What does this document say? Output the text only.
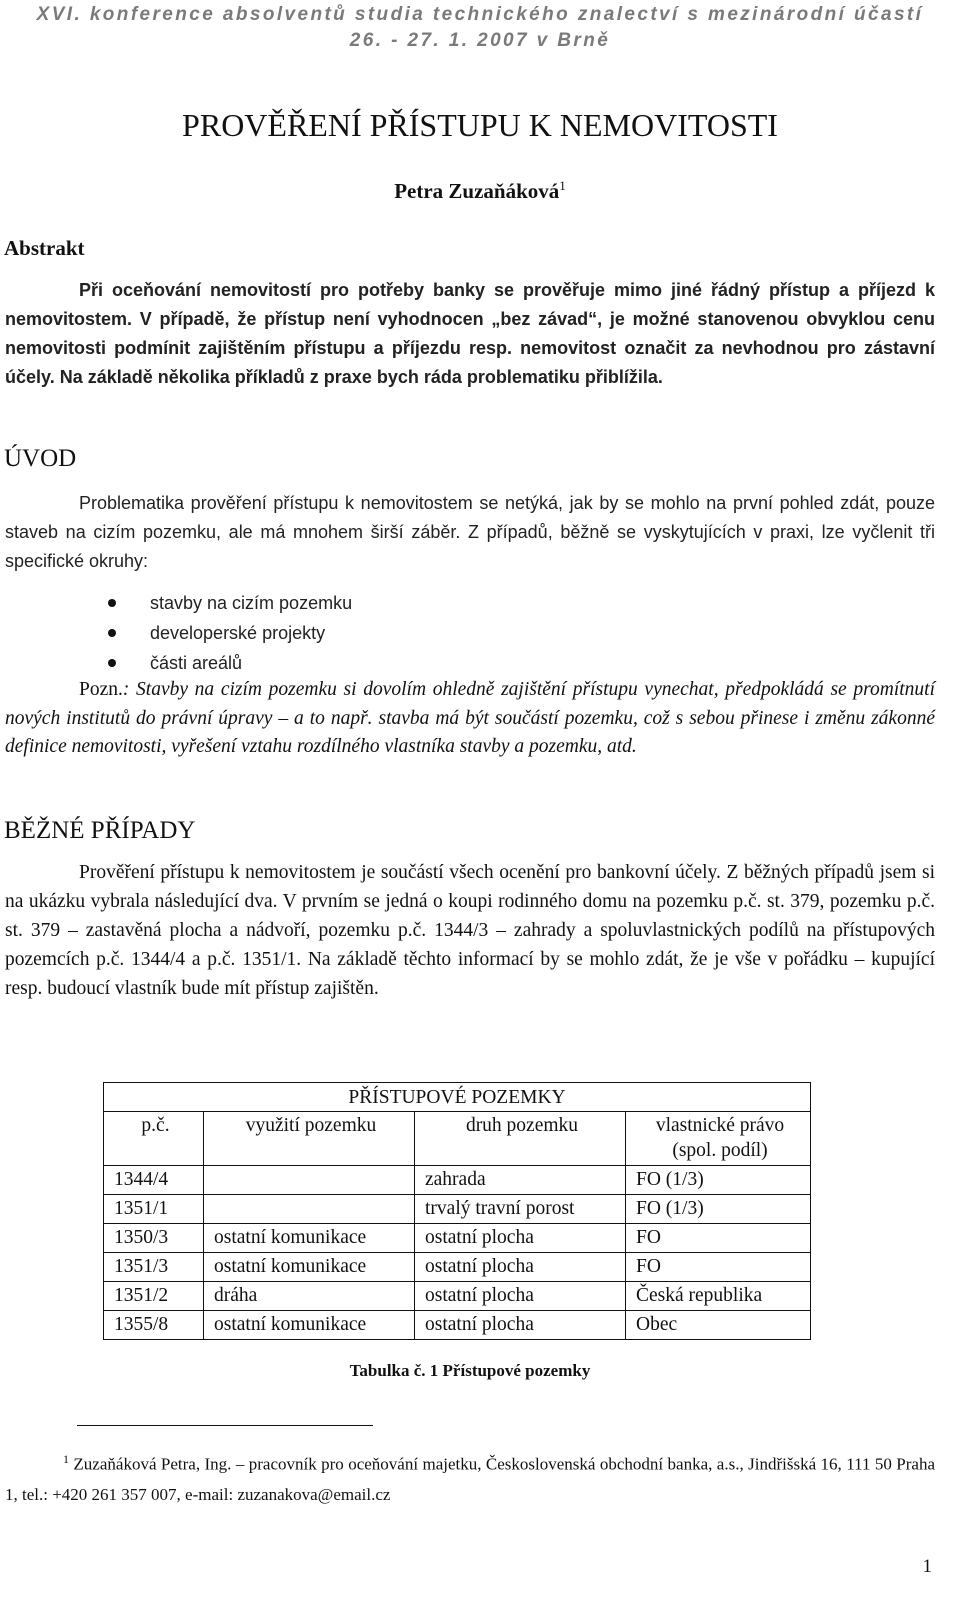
XVI. konference absolventů studia technického znalectví s mezinárodní účastí
26. - 27. 1. 2007 v Brně
PROVĚŘENÍ PŘÍSTUPU K NEMOVITOSTI
Petra Zuzaňáková$^1$
Abstrakt

Při oceňování nemovitostí pro potřeby banky se prověřuje mimo jiné řádný přístup a příjezd k nemovitostem. V případě, že přístup není vyhodnocen „bez závad“, je možné stanovenou obvyklou cenu nemovitosti podmínit zajištěním přístupu a příjezdu resp. nemovitost označit za nevhodnou pro zástavní účely. Na základě několika příkladů z praxe bych ráda problematiku přiblížila.

ÚVOD

Problematika prověření přístupu k nemovitostem se netýká, jak by se mohlo na první pohled zdát, pouze staveb na cizím pozemku, ale má mnohem širší záběr. Z případů, běžně se vyskytujících v praxi, lze vyčlenit tři specifické okruhy:

stavby na cizím pozemku
developerské projekty
části areálů

Pozn.: Stavby na cizím pozemku si dovolím ohledně zajištění přístupu vynechat, předpokládá se promítnutí nových institutů do právní úpravy – a to např. stavba má být součástí pozemku, což s sebou přinese i změnu zákonné definice nemovitosti, vyřešení vztahu rozdílného vlastníka stavby a pozemku, atd.

BĚŽNÉ PŘÍPADY

Prověření přístupu k nemovitostem je součástí všech ocenění pro bankovní účely. Z běžných případů jsem si na ukázku vybrala následující dva. V prvním se jedná o koupi rodinného domu na pozemku p.č. st. 379, pozemku p.č. st. 379 – zastavěná plocha a nádvoří, pozemku p.č. 1344/3 – zahrady a spoluvlastnických podílů na přístupových pozemcích p.č. 1344/4 a p.č. 1351/1. Na základě těchto informací by se mohlo zdát, že je vše v pořádku – kupující resp. budoucí vlastník bude mít přístup zajištěn.

PŘÍSTUPOVÉ POZEMKY			
p.č.	využití pozemku	druh pozemku	vlastnické právo (spol. podíl)
1344/4		zahrada	FO (1/3)
1351/1		trvalý travní porost	FO (1/3)
1350/3	ostatní komunikace	ostatní plocha	FO
1351/3	ostatní komunikace	ostatní plocha	FO
1351/2	dráha	ostatní plocha	Česká republika
1355/8	ostatní komunikace	ostatní plocha	Obec
Tabulka č. 1 Přístupové pozemky

$^1$ Zuzaňáková Petra, Ing. – pracovník pro oceňování majetku, Československá obchodní banka, a.s., Jindřišská 16, 111 50 Praha 1, tel.: +420 261 357 007, e-mail: zuzanakova@email.cz

1
